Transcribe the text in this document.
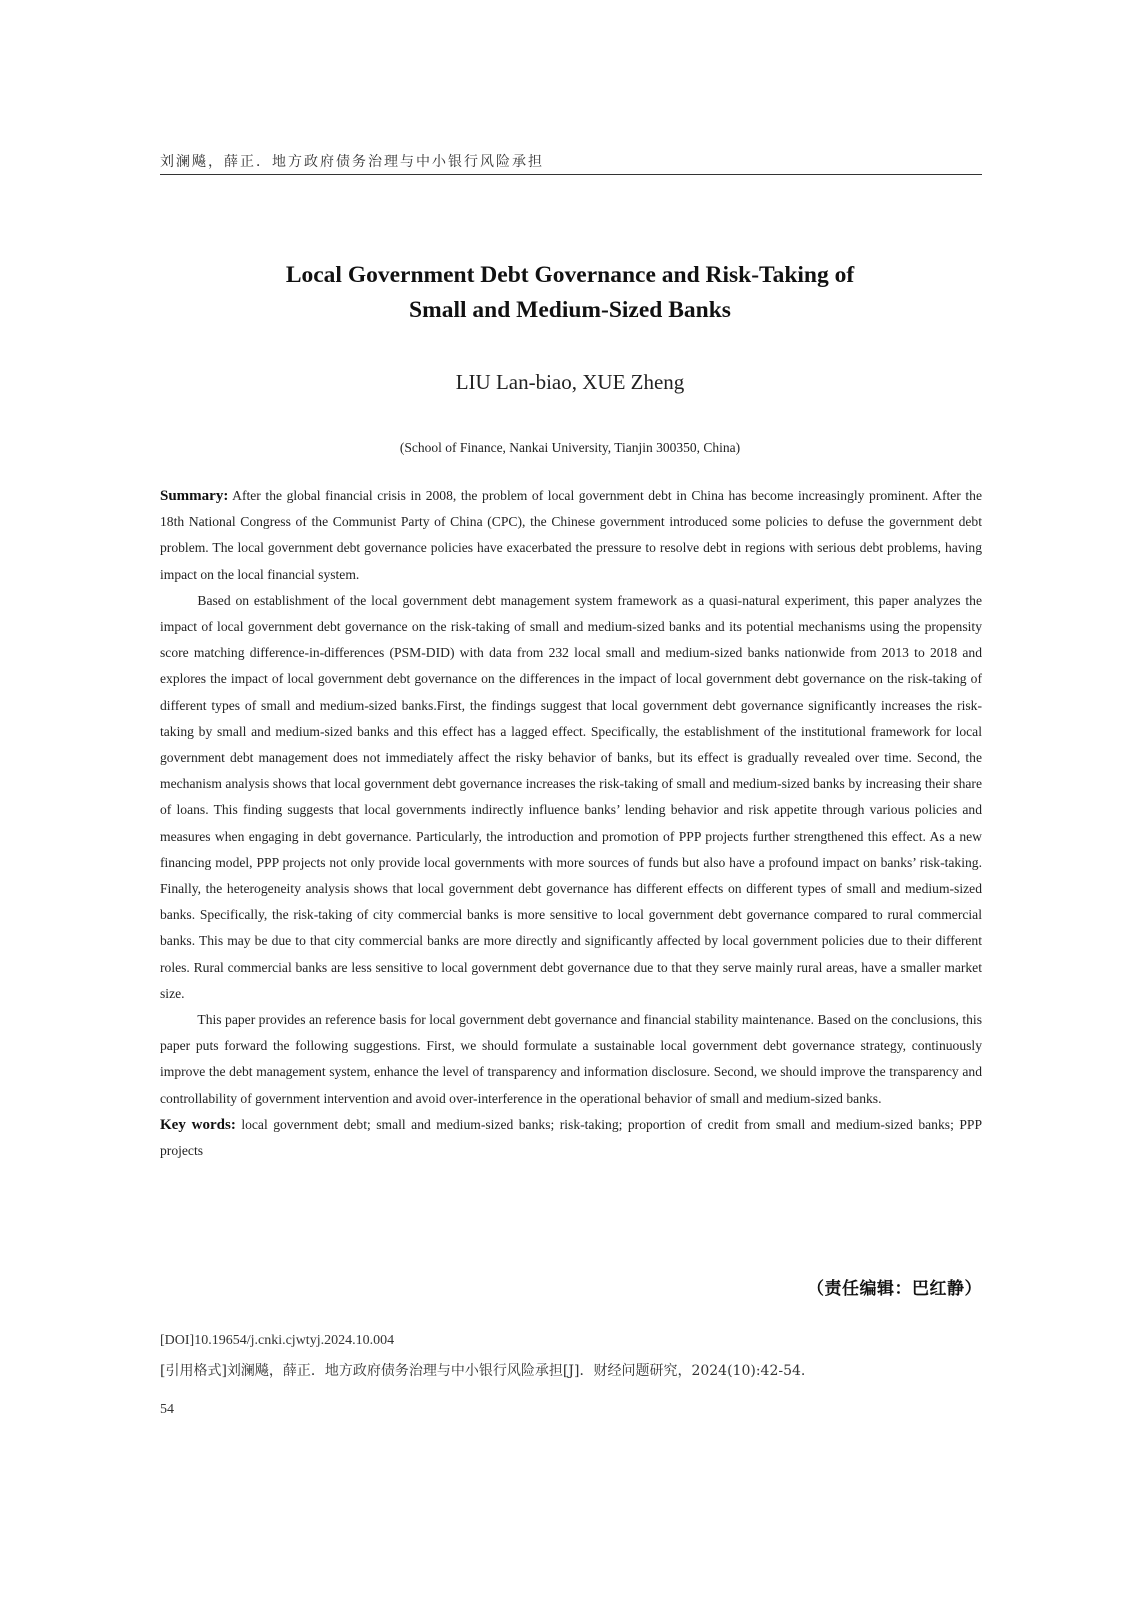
刘澜飚，薛正．地方政府债务治理与中小银行风险承担
Local Government Debt Governance and Risk-Taking of
Small and Medium-Sized Banks
LIU Lan-biao, XUE Zheng
(School of Finance, Nankai University, Tianjin 300350, China)

Summary: After the global financial crisis in 2008, the problem of local government debt in China has become increasingly prominent. After the 18th National Congress of the Communist Party of China (CPC), the Chinese government introduced some policies to defuse the government debt problem. The local government debt governance policies have exacerbated the pressure to resolve debt in regions with serious debt problems, having impact on the local financial system.

Based on establishment of the local government debt management system framework as a quasi-natural experiment, this paper analyzes the impact of local government debt governance on the risk-taking of small and medium-sized banks and its potential mechanisms using the propensity score matching difference-in-differences (PSM-DID) with data from 232 local small and medium-sized banks nationwide from 2013 to 2018 and explores the impact of local government debt governance on the differences in the impact of local government debt governance on the risk-taking of different types of small and medium-sized banks.First, the findings suggest that local government debt governance significantly increases the risk-taking by small and medium-sized banks and this effect has a lagged effect. Specifically, the establishment of the institutional framework for local government debt management does not immediately affect the risky behavior of banks, but its effect is gradually revealed over time. Second, the mechanism analysis shows that local government debt governance increases the risk-taking of small and medium-sized banks by increasing their share of loans. This finding suggests that local governments indirectly influence banks’ lending behavior and risk appetite through various policies and measures when engaging in debt governance. Particularly, the introduction and promotion of PPP projects further strengthened this effect. As a new financing model, PPP projects not only provide local governments with more sources of funds but also have a profound impact on banks’ risk-taking. Finally, the heterogeneity analysis shows that local government debt governance has different effects on different types of small and medium-sized banks. Specifically, the risk-taking of city commercial banks is more sensitive to local government debt governance compared to rural commercial banks. This may be due to that city commercial banks are more directly and significantly affected by local government policies due to their different roles. Rural commercial banks are less sensitive to local government debt governance due to that they serve mainly rural areas, have a smaller market size.

This paper provides an reference basis for local government debt governance and financial stability maintenance. Based on the conclusions, this paper puts forward the following suggestions. First, we should formulate a sustainable local government debt governance strategy, continuously improve the debt management system, enhance the level of transparency and information disclosure. Second, we should improve the transparency and controllability of government intervention and avoid over-interference in the operational behavior of small and medium-sized banks.

Key words: local government debt; small and medium-sized banks; risk-taking; proportion of credit from small and medium-sized banks; PPP projects

（责任编辑：巴红静）
[DOI]10.19654/j.cnki.cjwtyj.2024.10.004
[引用格式]刘澜飚，薛正．地方政府债务治理与中小银行风险承担[J]．财经问题研究，2024(10):42-54.
54
